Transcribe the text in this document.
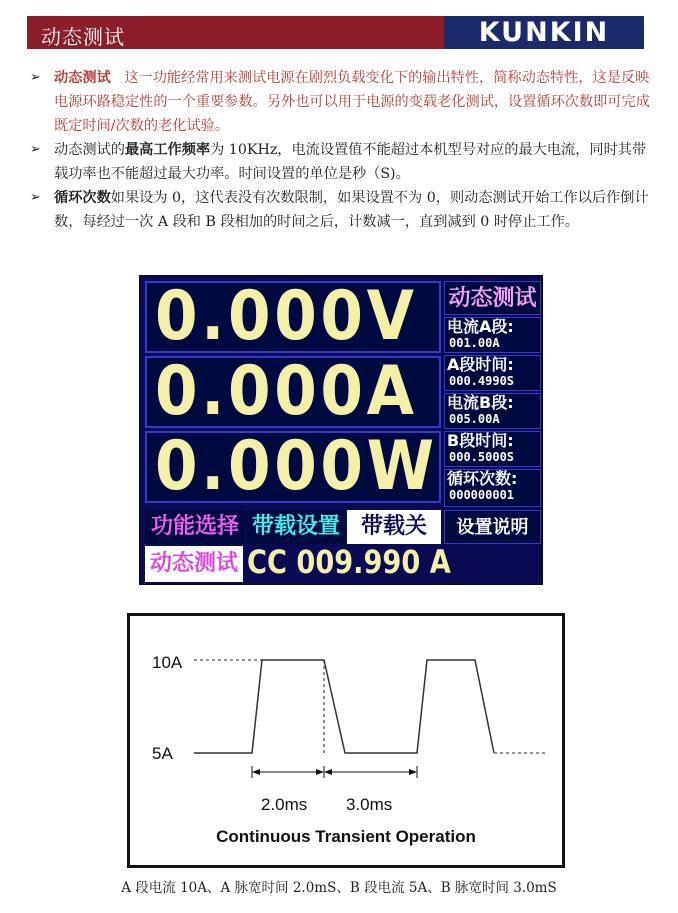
动态测试	KUNKIN
➢ 动态测试 这一功能经常用来测试电源在剧烈负载变化下的输出特性，简称动态特性，这是反映电源环路稳定性的一个重要参数。另外也可以用于电源的变载老化测试，设置循环次数即可完成既定时间/次数的老化试验。
➢ 动态测试的最高工作频率为 10KHz，电流设置值不能超过本机型号对应的最大电流，同时其带载功率也不能超过最大功率。时间设置的单位是秒（S)。
➢ 循环次数如果设为 0，这代表没有次数限制，如果设置不为 0，则动态测试开始工作以后作倒计数，每经过一次 A 段和 B 段相加的时间之后，计数减一，直到减到 0 时停止工作。
0.000V
0.000A
0.000W
动态测试
电流A段:
001.00A
A段时间:
000.4990S
电流B段:
005.00A
B段时间:
000.5000S
循环次数:
000000001
设置说明
功能选择 带载设置 带载关
动态测试 CC 009.990 A
10A
5A
2.0ms 3.0ms
Continuous Transient Operation
A 段电流 10A、A 脉宽时间 2.0mS、B 段电流 5A、B 脉宽时间 3.0mS
